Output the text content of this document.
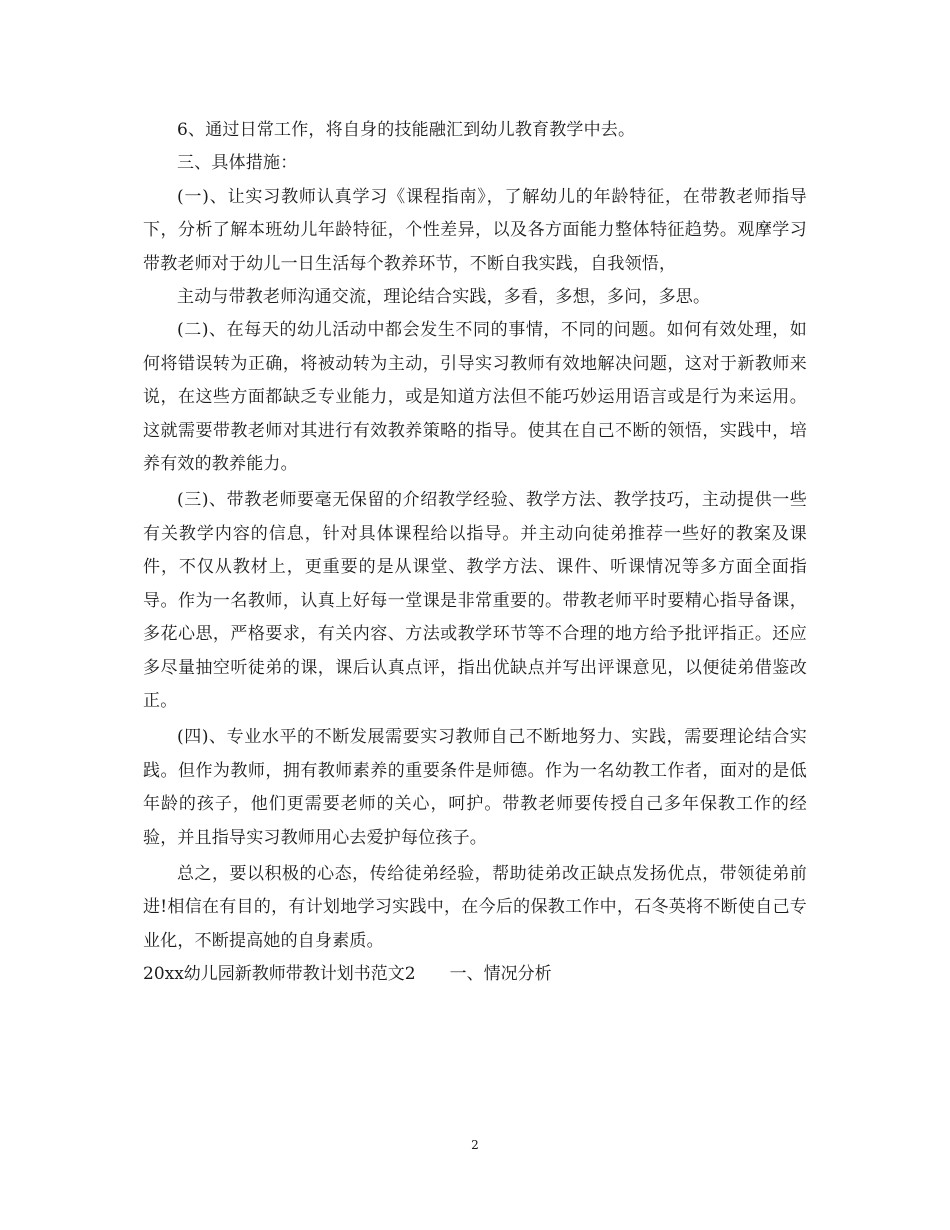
6、通过日常工作，将自身的技能融汇到幼儿教育教学中去。

三、具体措施：

(一)、让实习教师认真学习《课程指南》，了解幼儿的年龄特征，在带教老师指导下，分析了解本班幼儿年龄特征，个性差异，以及各方面能力整体特征趋势。观摩学习带教老师对于幼儿一日生活每个教养环节，不断自我实践，自我领悟，

主动与带教老师沟通交流，理论结合实践，多看，多想，多问，多思。

(二)、在每天的幼儿活动中都会发生不同的事情，不同的问题。如何有效处理，如何将错误转为正确，将被动转为主动，引导实习教师有效地解决问题，这对于新教师来说，在这些方面都缺乏专业能力，或是知道方法但不能巧妙运用语言或是行为来运用。这就需要带教老师对其进行有效教养策略的指导。使其在自己不断的领悟，实践中，培养有效的教养能力。

(三)、带教老师要毫无保留的介绍教学经验、教学方法、教学技巧，主动提供一些有关教学内容的信息，针对具体课程给以指导。并主动向徒弟推荐一些好的教案及课件，不仅从教材上，更重要的是从课堂、教学方法、课件、听课情况等多方面全面指导。作为一名教师，认真上好每一堂课是非常重要的。带教老师平时要精心指导备课，多花心思，严格要求，有关内容、方法或教学环节等不合理的地方给予批评指正。还应多尽量抽空听徒弟的课，课后认真点评，指出优缺点并写出评课意见，以便徒弟借鉴改正。

(四)、专业水平的不断发展需要实习教师自己不断地努力、实践，需要理论结合实践。但作为教师，拥有教师素养的重要条件是师德。作为一名幼教工作者，面对的是低年龄的孩子，他们更需要老师的关心，呵护。带教老师要传授自己多年保教工作的经验，并且指导实习教师用心去爱护每位孩子。

总之，要以积极的心态，传给徒弟经验，帮助徒弟改正缺点发扬优点，带领徒弟前进!相信在有目的，有计划地学习实践中，在今后的保教工作中，石冬英将不断使自己专业化，不断提高她的自身素质。

20xx幼儿园新教师带教计划书范文2　　一、情况分析

2
